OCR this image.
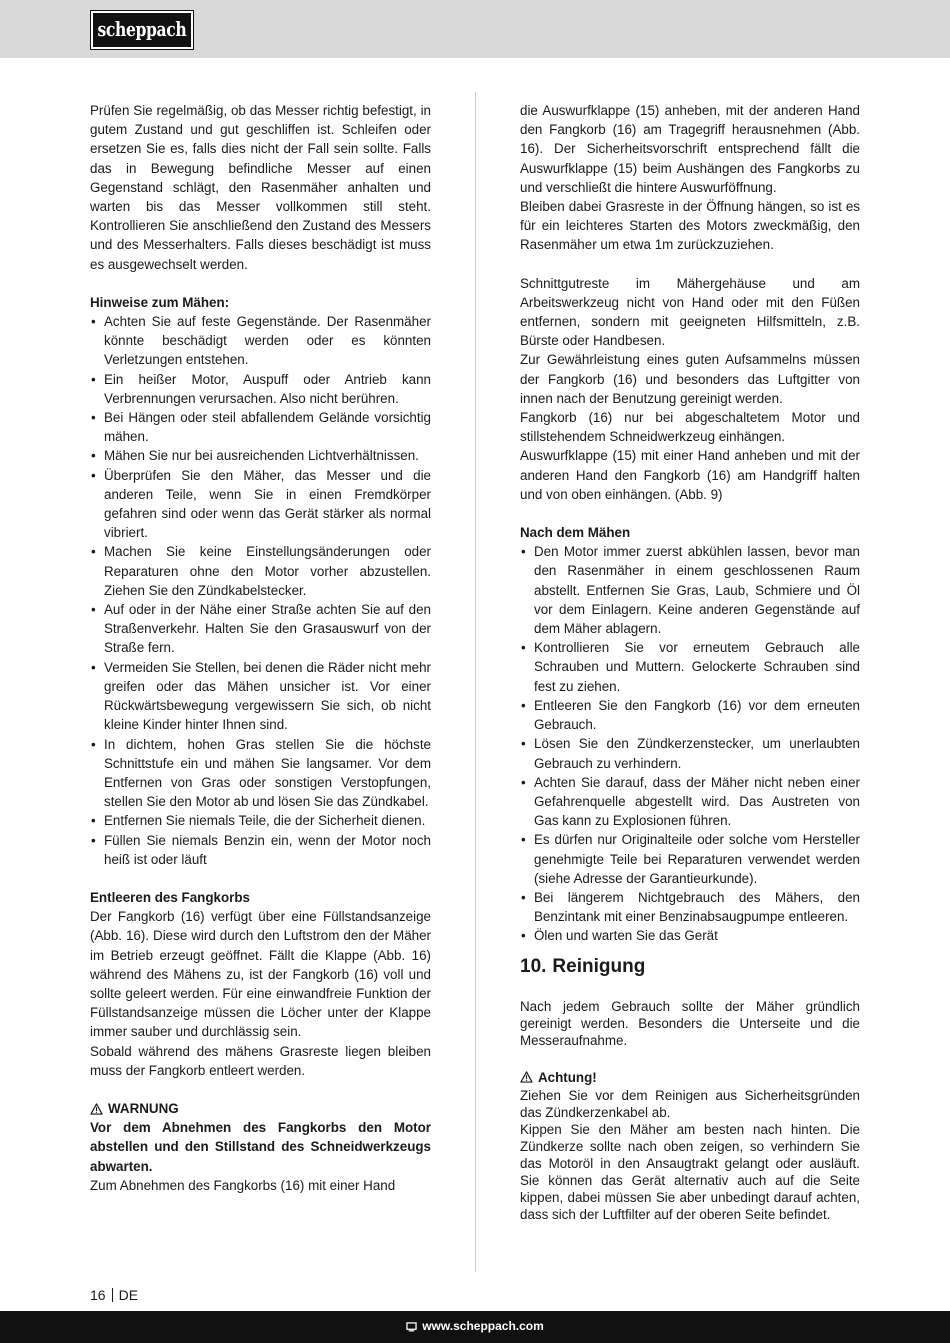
scheppach

Prüfen Sie regelmäßig, ob das Messer richtig befestigt, in gutem Zustand und gut geschliffen ist. Schleifen oder ersetzen Sie es, falls dies nicht der Fall sein sollte. Falls das in Bewegung befindliche Messer auf einen Gegenstand schlägt, den Rasenmäher anhalten und warten bis das Messer vollkommen still steht. Kontrollieren Sie anschließend den Zustand des Messers und des Messerhalters. Falls dieses beschädigt ist muss es ausgewechselt werden.

Hinweise zum Mähen:
• Achten Sie auf feste Gegenstände. Der Rasenmäher könnte beschädigt werden oder es könnten Verletzungen entstehen.
• Ein heißer Motor, Auspuff oder Antrieb kann Verbrennungen verursachen. Also nicht berühren.
• Bei Hängen oder steil abfallendem Gelände vorsichtig mähen.
• Mähen Sie nur bei ausreichenden Lichtverhältnissen.
• Überprüfen Sie den Mäher, das Messer und die anderen Teile, wenn Sie in einen Fremdkörper gefahren sind oder wenn das Gerät stärker als normal vibriert.
• Machen Sie keine Einstellungsänderungen oder Reparaturen ohne den Motor vorher abzustellen. Ziehen Sie den Zündkabelstecker.
• Auf oder in der Nähe einer Straße achten Sie auf den Straßenverkehr. Halten Sie den Grasauswurf von der Straße fern.
• Vermeiden Sie Stellen, bei denen die Räder nicht mehr greifen oder das Mähen unsicher ist. Vor einer Rückwärtsbewegung vergewissern Sie sich, ob nicht kleine Kinder hinter Ihnen sind.
• In dichtem, hohen Gras stellen Sie die höchste Schnittstufe ein und mähen Sie langsamer. Vor dem Entfernen von Gras oder sonstigen Verstopfungen, stellen Sie den Motor ab und lösen Sie das Zündkabel.
• Entfernen Sie niemals Teile, die der Sicherheit dienen.
• Füllen Sie niemals Benzin ein, wenn der Motor noch heiß ist oder läuft
Entleeren des Fangkorbs

Der Fangkorb (16) verfügt über eine Füllstandsanzeige (Abb. 16). Diese wird durch den Luftstrom den der Mäher im Betrieb erzeugt geöffnet. Fällt die Klappe (Abb. 16) während des Mähens zu, ist der Fangkorb (16) voll und sollte geleert werden. Für eine einwandfreie Funktion der Füllstandsanzeige müssen die Löcher unter der Klappe immer sauber und durchlässig sein.

Sobald während des mähens Grasreste liegen bleiben muss der Fangkorb entleert werden.

WARNUNG

Vor dem Abnehmen des Fangkorbs den Motor abstellen und den Stillstand des Schneidwerkzeugs abwarten.

Zum Abnehmen des Fangkorbs (16) mit einer Hand

die Auswurfklappe (15) anheben, mit der anderen Hand den Fangkorb (16) am Tragegriff herausnehmen (Abb. 16). Der Sicherheitsvorschrift entsprechend fällt die Auswurfklappe (15) beim Aushängen des Fangkorbs zu und verschließt die hintere Auswurföffnung.

Bleiben dabei Grasreste in der Öffnung hängen, so ist es für ein leichteres Starten des Motors zweckmäßig, den Rasenmäher um etwa 1m zurückzuziehen.

Schnittgutreste im Mähergehäuse und am Arbeitswerkzeug nicht von Hand oder mit den Füßen entfernen, sondern mit geeigneten Hilfsmitteln, z.B. Bürste oder Handbesen.

Zur Gewährleistung eines guten Aufsammelns müssen der Fangkorb (16) und besonders das Luftgitter von innen nach der Benutzung gereinigt werden.

Fangkorb (16) nur bei abgeschaltetem Motor und stillstehendem Schneidwerkzeug einhängen.

Auswurfklappe (15) mit einer Hand anheben und mit der anderen Hand den Fangkorb (16) am Handgriff halten und von oben einhängen. (Abb. 9)

Nach dem Mähen
• Den Motor immer zuerst abkühlen lassen, bevor man den Rasenmäher in einem geschlossenen Raum abstellt. Entfernen Sie Gras, Laub, Schmiere und Öl vor dem Einlagern. Keine anderen Gegenstände auf dem Mäher ablagern.
• Kontrollieren Sie vor erneutem Gebrauch alle Schrauben und Muttern. Gelockerte Schrauben sind fest zu ziehen.
• Entleeren Sie den Fangkorb (16) vor dem erneuten Gebrauch.
• Lösen Sie den Zündkerzenstecker, um unerlaubten Gebrauch zu verhindern.
• Achten Sie darauf, dass der Mäher nicht neben einer Gefahrenquelle abgestellt wird. Das Austreten von Gas kann zu Explosionen führen.
• Es dürfen nur Originalteile oder solche vom Hersteller genehmigte Teile bei Reparaturen verwendet werden (siehe Adresse der Garantieurkunde).
• Bei längerem Nichtgebrauch des Mähers, den Benzintank mit einer Benzinabsaugpumpe entleeren.
• Ölen und warten Sie das Gerät
10. Reinigung

Nach jedem Gebrauch sollte der Mäher gründlich gereinigt werden. Besonders die Unterseite und die Messeraufnahme.

Achtung!

Ziehen Sie vor dem Reinigen aus Sicherheitsgründen das Zündkerzenkabel ab.

Kippen Sie den Mäher am besten nach hinten. Die Zündkerze sollte nach oben zeigen, so verhindern Sie das Motoröl in den Ansaugtrakt gelangt oder ausläuft. Sie können das Gerät alternativ auch auf die Seite kippen, dabei müssen Sie aber unbedingt darauf achten, dass sich der Luftfilter auf der oberen Seite befindet.

16 DE
www.scheppach.com
